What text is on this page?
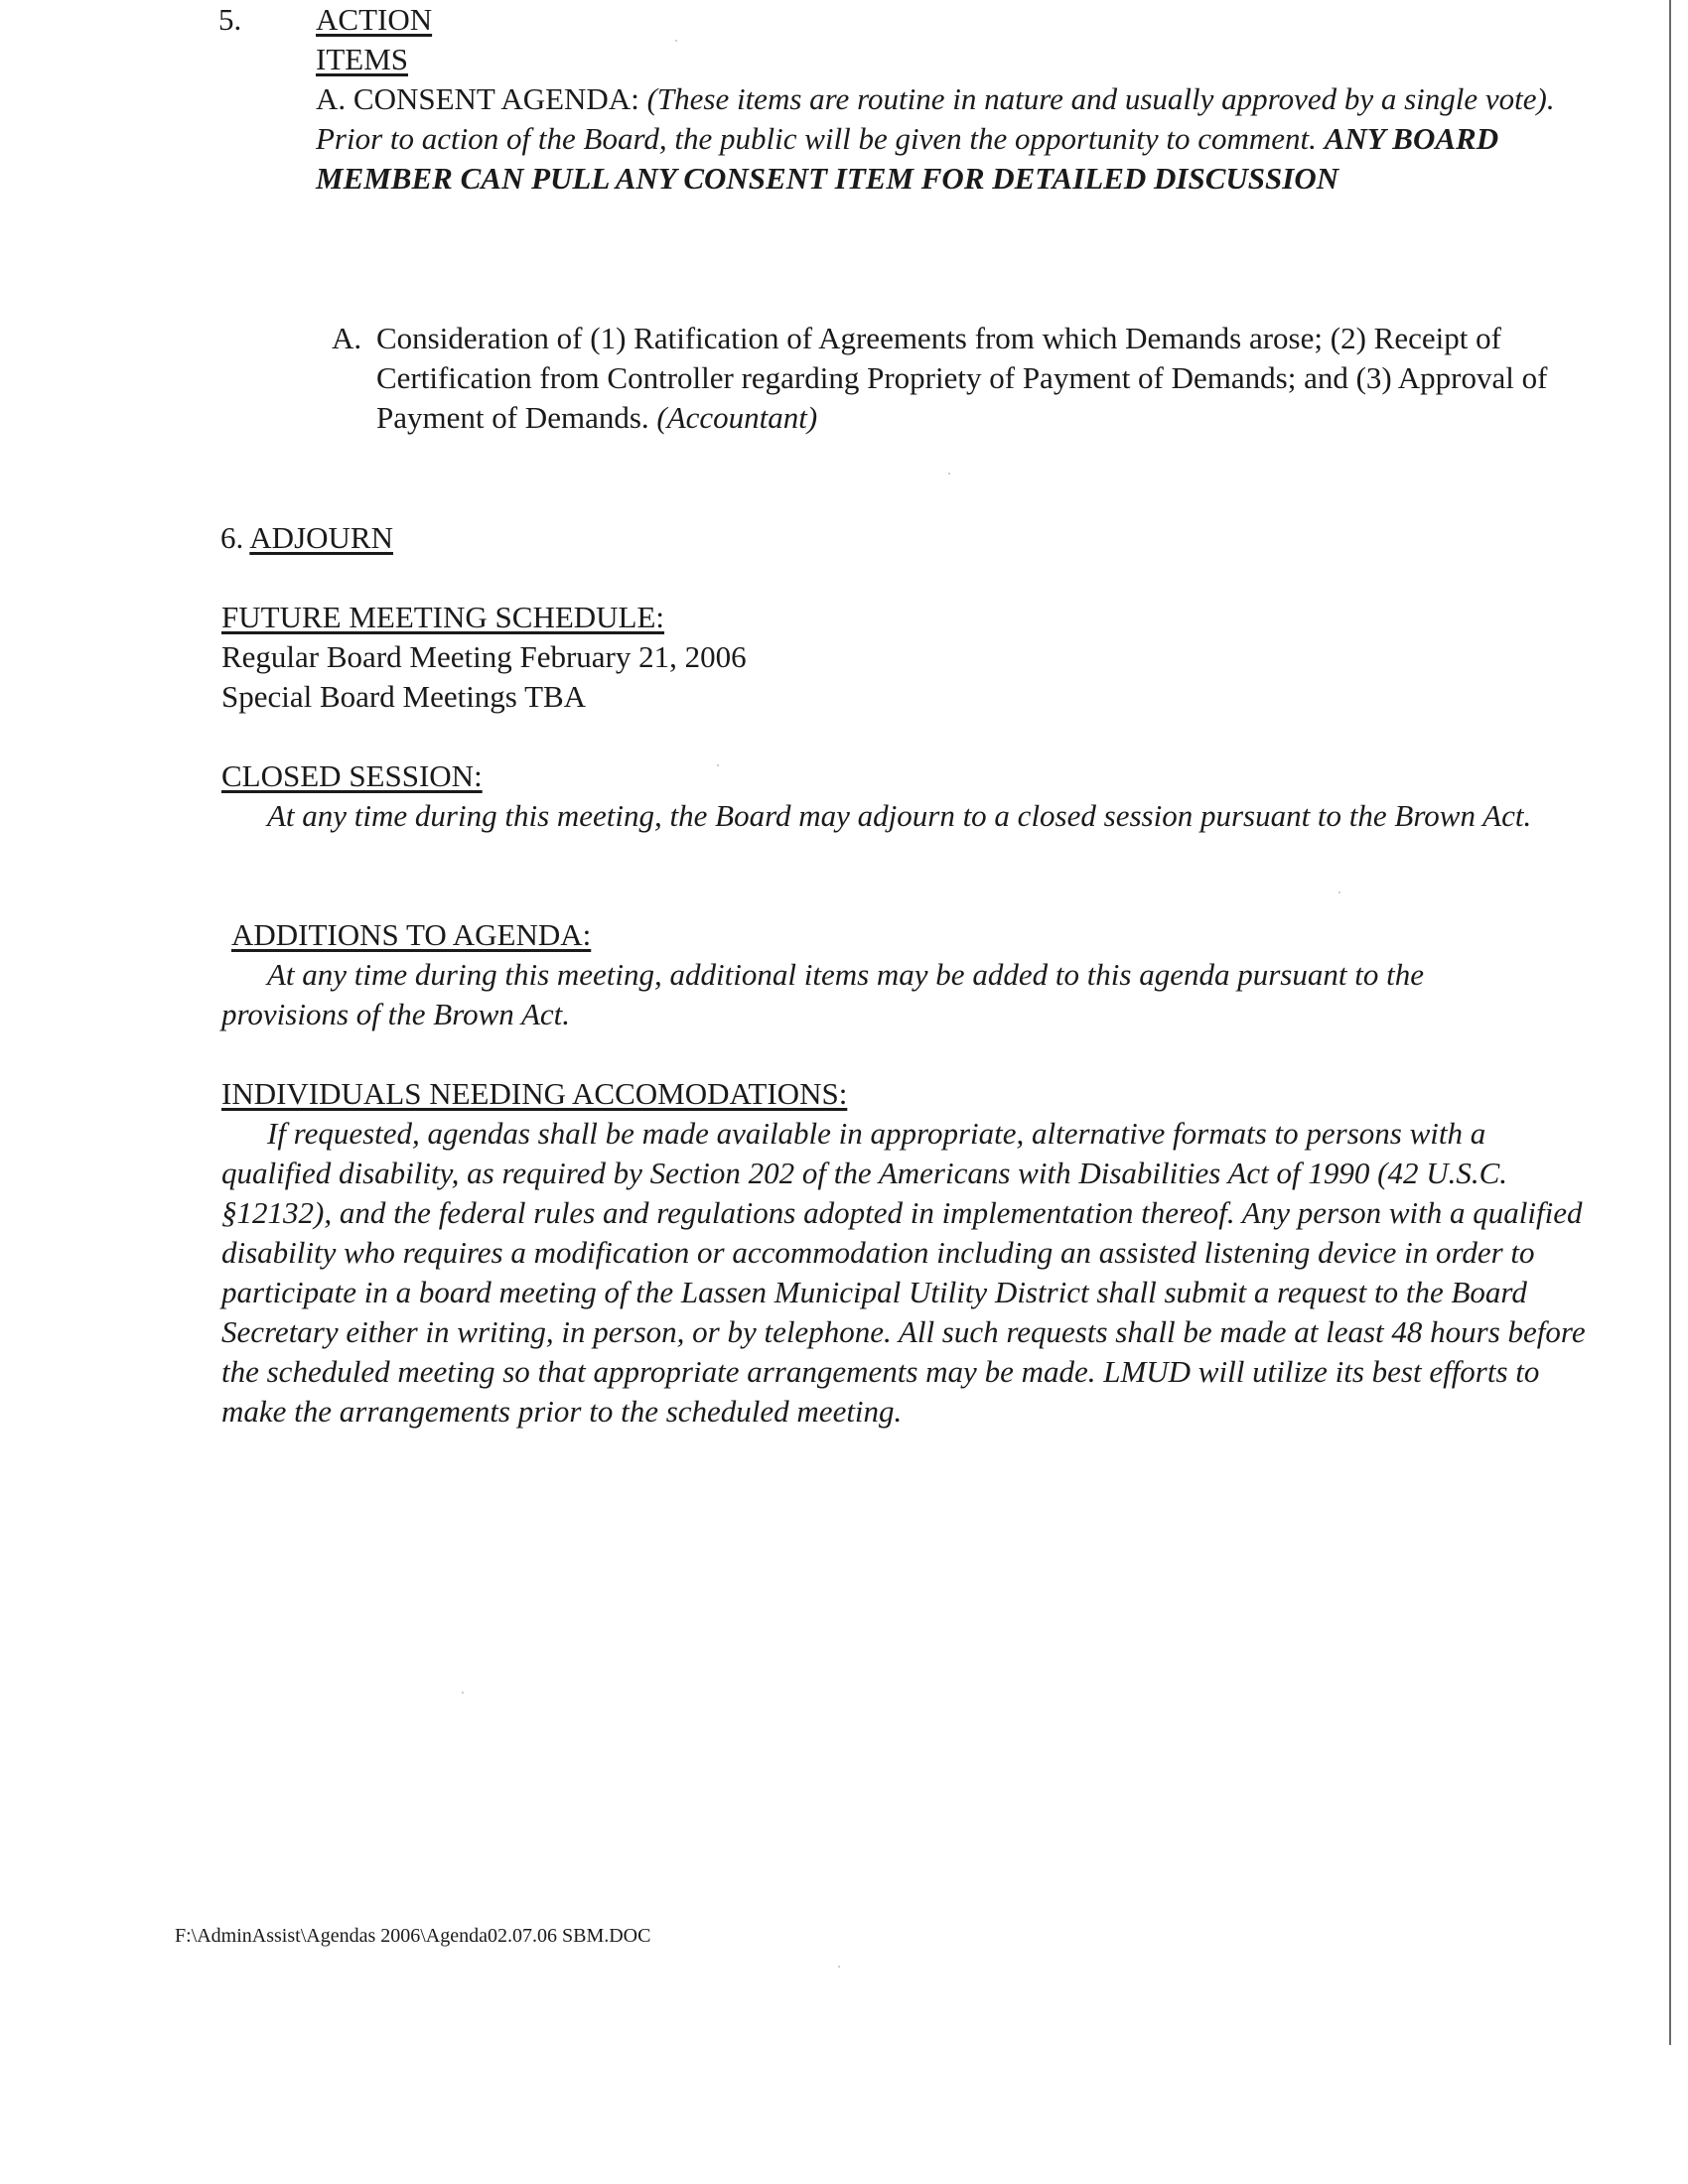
5. ACTION ITEMS

A. CONSENT AGENDA: (These items are routine in nature and usually approved by a single vote). Prior to action of the Board, the public will be given the opportunity to comment. ANY BOARD MEMBER CAN PULL ANY CONSENT ITEM FOR DETAILED DISCUSSION

A. Consideration of (1) Ratification of Agreements from which Demands arose; (2) Receipt of Certification from Controller regarding Propriety of Payment of Demands; and (3) Approval of Payment of Demands. (Accountant)
6. ADJOURN
FUTURE MEETING SCHEDULE:
Regular Board Meeting February 21, 2006
Special Board Meetings TBA
CLOSED SESSION:
At any time during this meeting, the Board may adjourn to a closed session pursuant to the Brown Act.
ADDITIONS TO AGENDA:
At any time during this meeting, additional items may be added to this agenda pursuant to the provisions of the Brown Act.
INDIVIDUALS NEEDING ACCOMODATIONS:
If requested, agendas shall be made available in appropriate, alternative formats to persons with a qualified disability, as required by Section 202 of the Americans with Disabilities Act of 1990 (42 U.S.C. §12132), and the federal rules and regulations adopted in implementation thereof. Any person with a qualified disability who requires a modification or accommodation including an assisted listening device in order to participate in a board meeting of the Lassen Municipal Utility District shall submit a request to the Board Secretary either in writing, in person, or by telephone. All such requests shall be made at least 48 hours before the scheduled meeting so that appropriate arrangements may be made. LMUD will utilize its best efforts to make the arrangements prior to the scheduled meeting.
F:\AdminAssist\Agendas 2006\Agenda02.07.06 SBM.DOC
